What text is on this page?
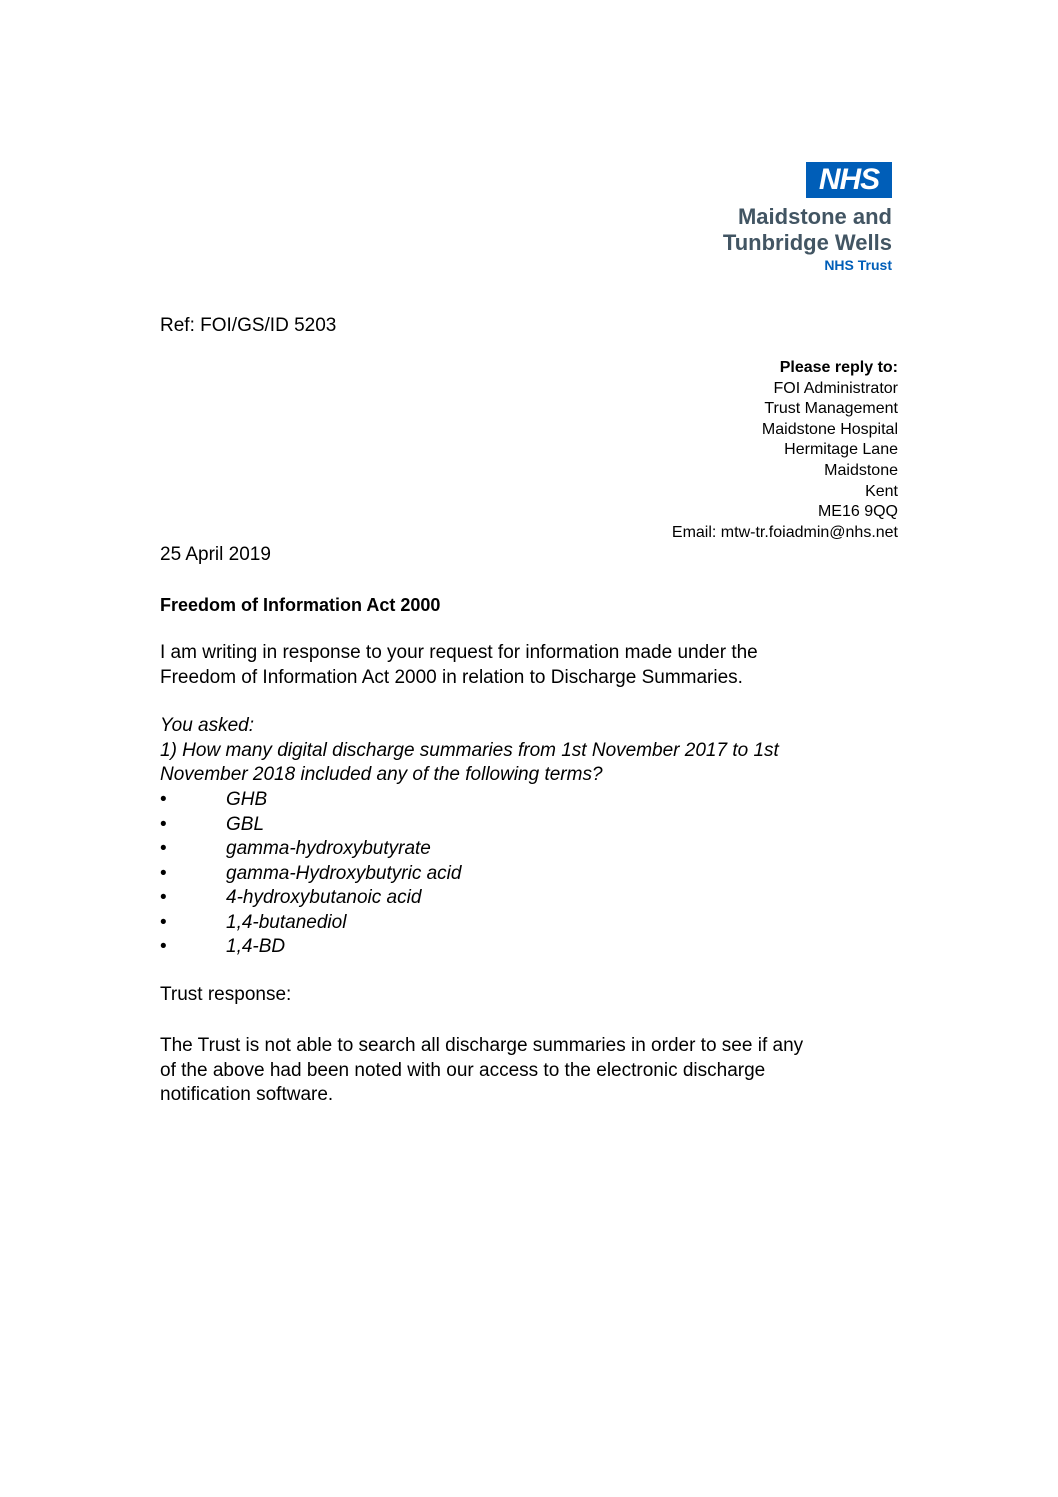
NHS
Maidstone and
Tunbridge Wells
NHS Trust
Ref: FOI/GS/ID 5203
Please reply to:
FOI Administrator
Trust Management
Maidstone Hospital
Hermitage Lane
Maidstone
Kent
ME16 9QQ
Email: mtw-tr.foiadmin@nhs.net
25 April 2019
Freedom of Information Act 2000
I am writing in response to your request for information made under the
Freedom of Information Act 2000 in relation to Discharge Summaries.
You asked:
1) How many digital discharge summaries from 1st November 2017 to 1st
November 2018 included any of the following terms?
•	GHB
•	GBL
•	gamma-hydroxybutyrate
•	gamma-Hydroxybutyric acid
•	4-hydroxybutanoic acid
•	1,4-butanediol
•	1,4-BD
Trust response:
The Trust is not able to search all discharge summaries in order to see if any
of the above had been noted with our access to the electronic discharge
notification software.
